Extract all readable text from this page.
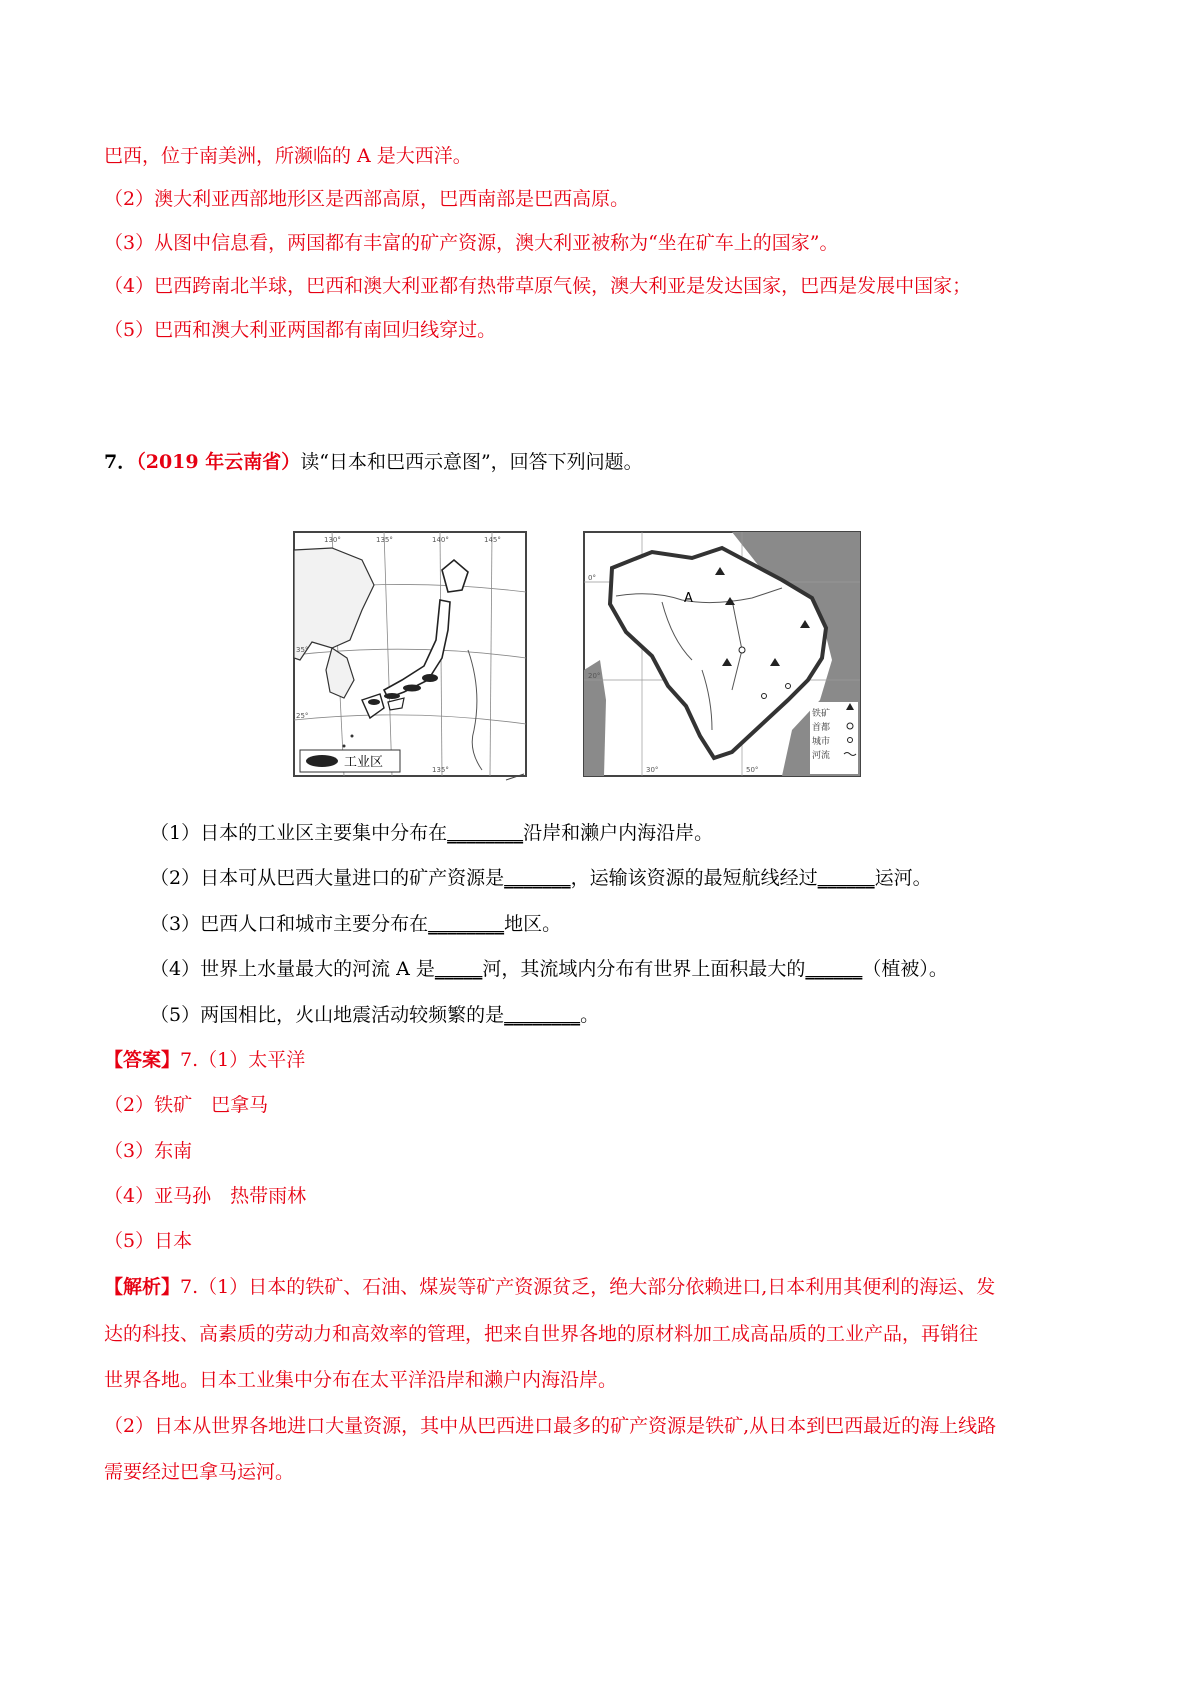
巴西，位于南美洲，所濒临的 A 是大西洋。
（2）澳大利亚西部地形区是西部高原，巴西南部是巴西高原。
（3）从图中信息看，两国都有丰富的矿产资源，澳大利亚被称为“坐在矿车上的国家”。
（4）巴西跨南北半球，巴西和澳大利亚都有热带草原气候，澳大利亚是发达国家，巴西是发展中国家；
（5）巴西和澳大利亚两国都有南回归线穿过。
7．（2019 年云南省）读“日本和巴西示意图”，回答下列问题。
工业区
130°	135°	140°	145°
35°
25°
135°
A
铁矿
首都
城市
河流
0°
20°
30°	50°
（1）日本的工业区主要集中分布在________沿岸和濑户内海沿岸。
（2）日本可从巴西大量进口的矿产资源是_______，运输该资源的最短航线经过______运河。
（3）巴西人口和城市主要分布在________地区。
（4）世界上水量最大的河流 A 是_____河，其流域内分布有世界上面积最大的______（植被）。
（5）两国相比，火山地震活动较频繁的是________。
【答案】7.（1）太平洋
（2）铁矿　巴拿马
（3）东南
（4）亚马孙　热带雨林
（5）日本
【解析】7.（1）日本的铁矿、石油、煤炭等矿产资源贫乏，绝大部分依赖进口,日本利用其便利的海运、发
达的科技、高素质的劳动力和高效率的管理，把来自世界各地的原材料加工成高品质的工业产品，再销往
世界各地。日本工业集中分布在太平洋沿岸和濑户内海沿岸。
（2）日本从世界各地进口大量资源，其中从巴西进口最多的矿产资源是铁矿,从日本到巴西最近的海上线路
需要经过巴拿马运河。
